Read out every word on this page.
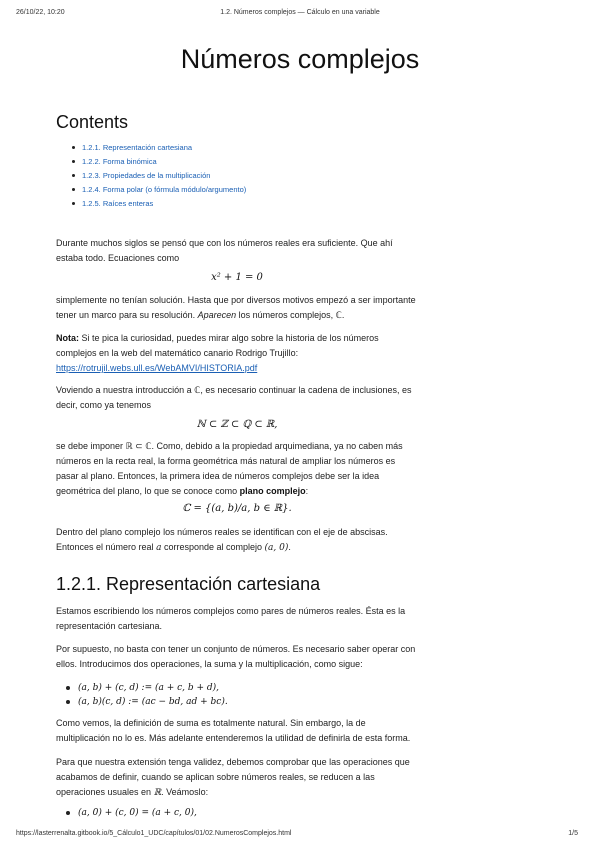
26/10/22, 10:20	1.2. Números complejos — Cálculo en una variable
Números complejos
Contents
1.2.1. Representación cartesiana
1.2.2. Forma binómica
1.2.3. Propiedades de la multiplicación
1.2.4. Forma polar (o fórmula módulo/argumento)
1.2.5. Raíces enteras

Durante muchos siglos se pensó que con los números reales era suficiente. Que ahí estaba todo. Ecuaciones como

x² + 1 = 0

simplemente no tenían solución. Hasta que por diversos motivos empezó a ser importante tener un marco para su resolución. Aparecen los números complejos, ℂ.

Nota: Si te pica la curiosidad, puedes mirar algo sobre la historia de los números complejos en la web del matemático canario Rodrigo Trujillo:
https://rotrujil.webs.ull.es/WebAMVI/HISTORIA.pdf

Voviendo a nuestra introducción a ℂ, es necesario continuar la cadena de inclusiones, es decir, como ya tenemos

ℕ ⊂ ℤ ⊂ ℚ ⊂ ℝ,

se debe imponer ℝ ⊂ ℂ. Como, debido a la propiedad arquimediana, ya no caben más números en la recta real, la forma geométrica más natural de ampliar los números es pasar al plano. Entonces, la primera idea de números complejos debe ser la idea geométrica del plano, lo que se conoce como plano complejo:

ℂ = {(a, b)/a, b ∈ ℝ}.

Dentro del plano complejo los números reales se identifican con el eje de abscisas. Entonces el número real a corresponde al complejo (a, 0).

1.2.1. Representación cartesiana

Estamos escribiendo los números complejos como pares de números reales. Ésta es la representación cartesiana.

Por supuesto, no basta con tener un conjunto de números. Es necesario saber operar con ellos. Introducimos dos operaciones, la suma y la multiplicación, como sigue:

(a, b) + (c, d) := (a + c, b + d),
(a, b)(c, d) := (ac − bd, ad + bc).

Como vemos, la definición de suma es totalmente natural. Sin embargo, la de multiplicación no lo es. Más adelante entenderemos la utilidad de definirla de esta forma.

Para que nuestra extensión tenga validez, debemos comprobar que las operaciones que acabamos de definir, cuando se aplican sobre números reales, se reducen a las operaciones usuales en ℝ. Veámoslo:

(a, 0) + (c, 0) = (a + c, 0),
https://lasterrenalta.gitbook.io/5_Cálculo1_UDC/capítulos/01/02.NumerosComplejos.html	1/5
